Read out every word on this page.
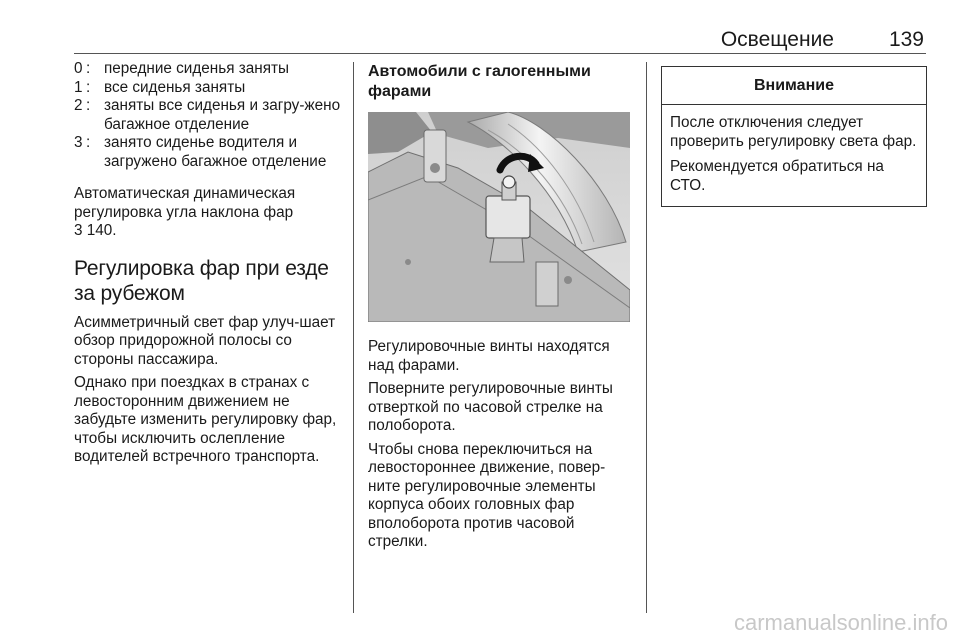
Освещение	139
0 : передние сиденья заняты
1 : все сиденья заняты
2 : заняты все сиденья и загру-жено багажное отделение
3 : занято сиденье водителя и загружено багажное отделение

Автоматическая динамическая регулировка угла наклона фар
3 140.

Регулировка фар при езде за рубежом

Асимметричный свет фар улуч-шает обзор придорожной полосы со стороны пассажира.

Однако при поездках в странах с левосторонним движением не забудьте изменить регулировку фар, чтобы исключить ослепление водителей встречного транспорта.

Автомобили с галогенными фарами

Регулировочные винты находятся над фарами.

Поверните регулировочные винты отверткой по часовой стрелке на полоборота.

Чтобы снова переключиться на левостороннее движение, повер-ните регулировочные элементы корпуса обоих головных фар вполоборота против часовой стрелки.

Внимание

После отключения следует проверить регулировку света фар.

Рекомендуется обратиться на СТО.

carmanualsonline.info
